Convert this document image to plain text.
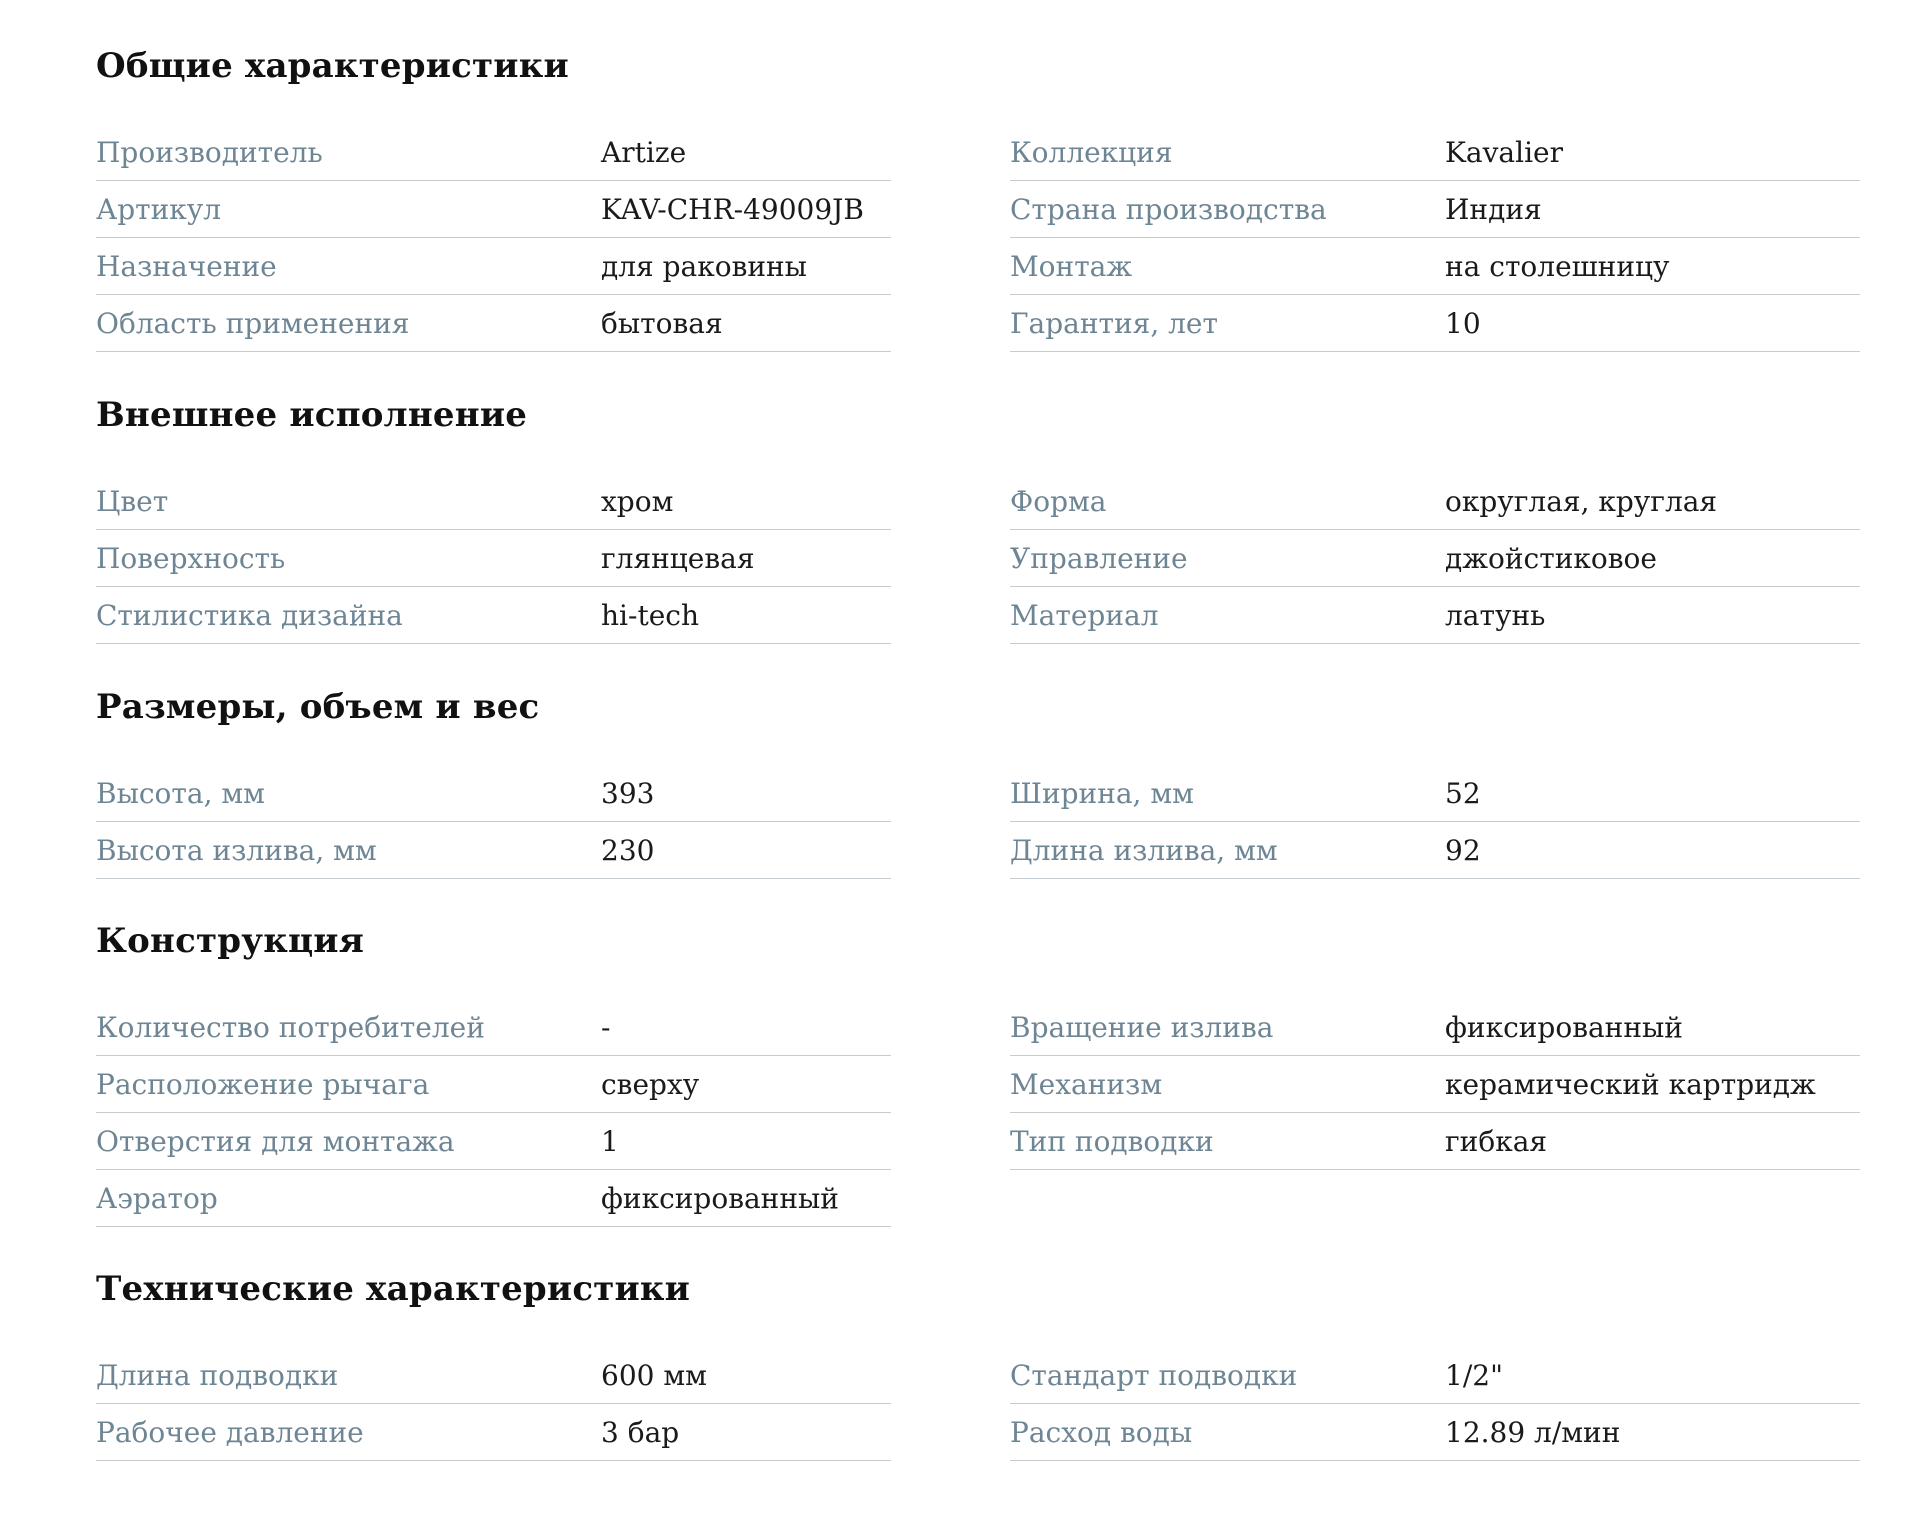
Общие характеристики
Производитель	Artize
Артикул	KAV-CHR-49009JB
Назначение	для раковины
Область применения	бытовая
Коллекция	Kavalier
Страна производства	Индия
Монтаж	на столешницу
Гарантия, лет	10
Внешнее исполнение
Цвет	хром
Поверхность	глянцевая
Стилистика дизайна	hi-tech
Форма	округлая, круглая
Управление	джойстиковое
Материал	латунь
Размеры, объем и вес
Высота, мм	393
Высота излива, мм	230
Ширина, мм	52
Длина излива, мм	92
Конструкция
Количество потребителей	-
Расположение рычага	сверху
Отверстия для монтажа	1
Аэратор	фиксированный
Вращение излива	фиксированный
Механизм	керамический картридж
Тип подводки	гибкая
Технические характеристики
Длина подводки	600 мм
Рабочее давление	3 бар
Стандарт подводки	1/2"
Расход воды	12.89 л/мин
